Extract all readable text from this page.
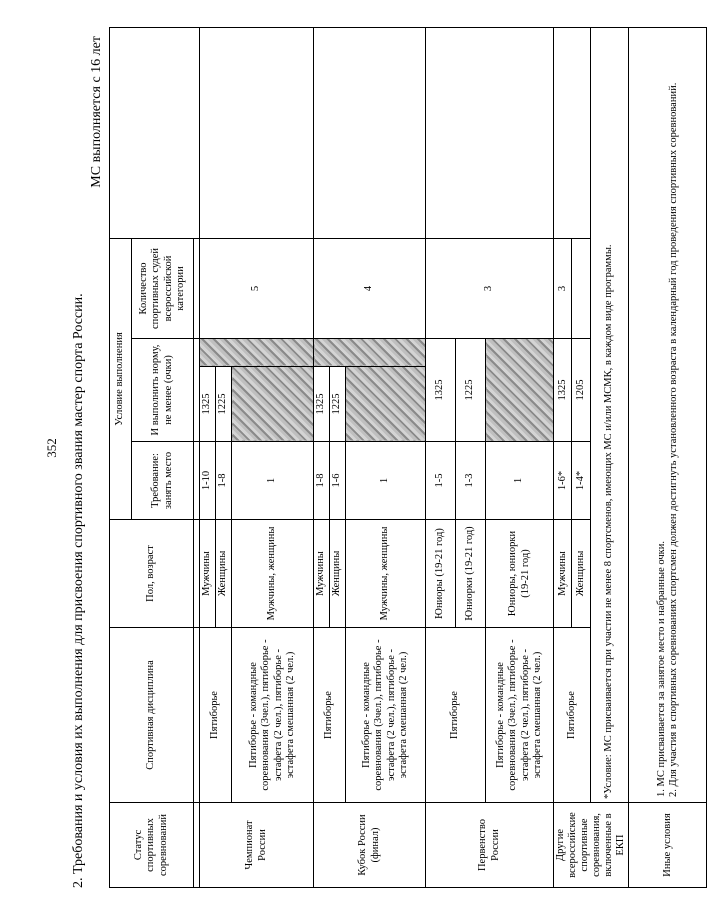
352 2. Требования и условия их выполнения для присвоения спортивного звания мастер спорта России.
МС выполняется с 16 лет
Статус спортивных соревнований	Спортивная дисциплина	Пол, возраст	Условие выполнения				
			Требование: занять место	И выполнить норму, не менее (очки)		Количество спортивных судей всероссийской категории	

Чемпионат России	Пятиборье	Мужчины	1-10	1325		5	
		Женщины	1-8	1225			
	Пятиборье - командные соревнования (3чел.), пятиборье - эстафета (2 чел.), пятиборье - эстафета смешанная (2 чел.)	Мужчины, женщины	1				
Кубок России (финал)	Пятиборье	Мужчины	1-8	1325		4	
		Женщины	1-6	1225			
	Пятиборье - командные соревнования (3чел.), пятиборье - эстафета (2 чел.), пятиборье - эстафета смешанная (2 чел.)	Мужчины, женщины	1				
Первенство России	Пятиборье	Юниоры (19-21 год)	1-5	1325		3	
		Юниорки (19-21 год)	1-3	1225			
	Пятиборье - командные соревнования (3чел.), пятиборье - эстафета (2 чел.), пятиборье - эстафета смешанная (2 чел.)	Юниоры, юниорки (19-21 год)	1				
Другие всероссийские спортивные соревнования, включенные в ЕКП	Пятиборье	Мужчины	1-6*	1325		3	
		Женщины	1-4*	1205			
	*Условие: МС присваивается при участии не менее 8 спортсменов, имеющих МС и/или МСМК, в каждом виде программы.						
Иные условия	1. МС присваивается за занятое место и набранные очки. 2. Для участия в спортивных соревнованиях спортсмен должен достигнуть установленного возраста в календарный год проведения спортивных соревнований.						
